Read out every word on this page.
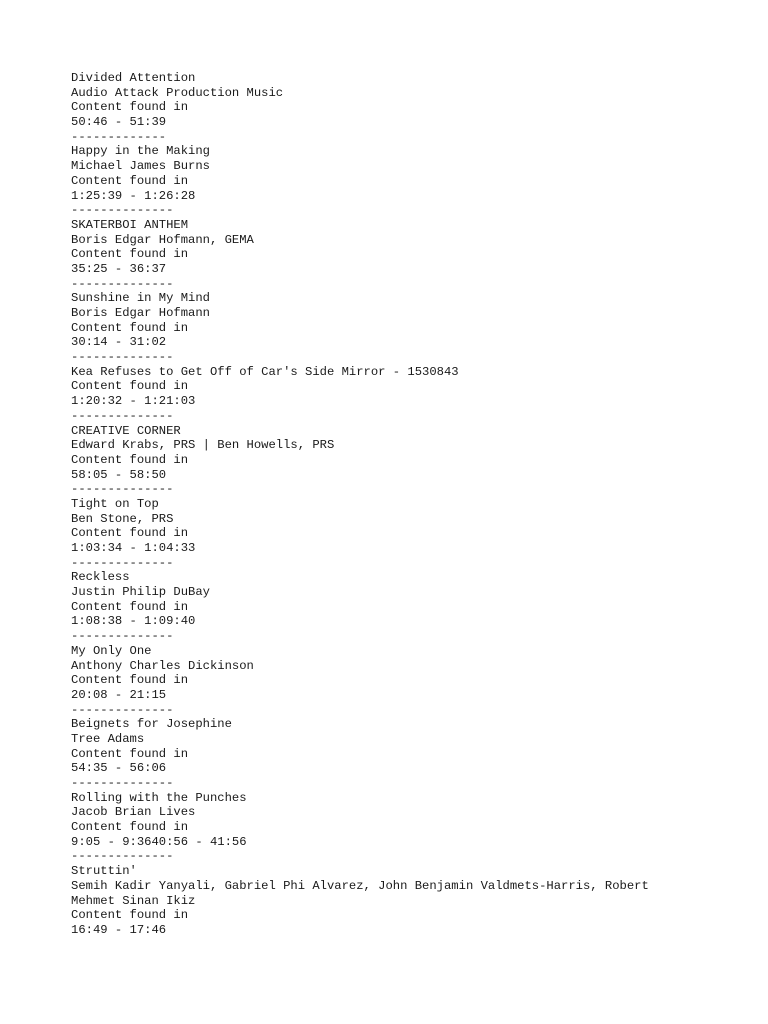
Divided Attention
Audio Attack Production Music
Content found in
50:46 - 51:39
-------------
Happy in the Making
Michael James Burns
Content found in
1:25:39 - 1:26:28
--------------
SKATERBOI ANTHEM
Boris Edgar Hofmann, GEMA
Content found in
35:25 - 36:37
--------------
Sunshine in My Mind
Boris Edgar Hofmann
Content found in
30:14 - 31:02
--------------
Kea Refuses to Get Off of Car's Side Mirror - 1530843
Content found in
1:20:32 - 1:21:03
--------------
CREATIVE CORNER
Edward Krabs, PRS | Ben Howells, PRS
Content found in
58:05 - 58:50
--------------
Tight on Top
Ben Stone, PRS
Content found in
1:03:34 - 1:04:33
--------------
Reckless
Justin Philip DuBay
Content found in
1:08:38 - 1:09:40
--------------
My Only One
Anthony Charles Dickinson
Content found in
20:08 - 21:15
--------------
Beignets for Josephine
Tree Adams
Content found in
54:35 - 56:06
--------------
Rolling with the Punches
Jacob Brian Lives
Content found in
9:05 - 9:3640:56 - 41:56
--------------
Struttin'
Semih Kadir Yanyali, Gabriel Phi Alvarez, John Benjamin Valdmets-Harris, Robert
Mehmet Sinan Ikiz
Content found in
16:49 - 17:46
